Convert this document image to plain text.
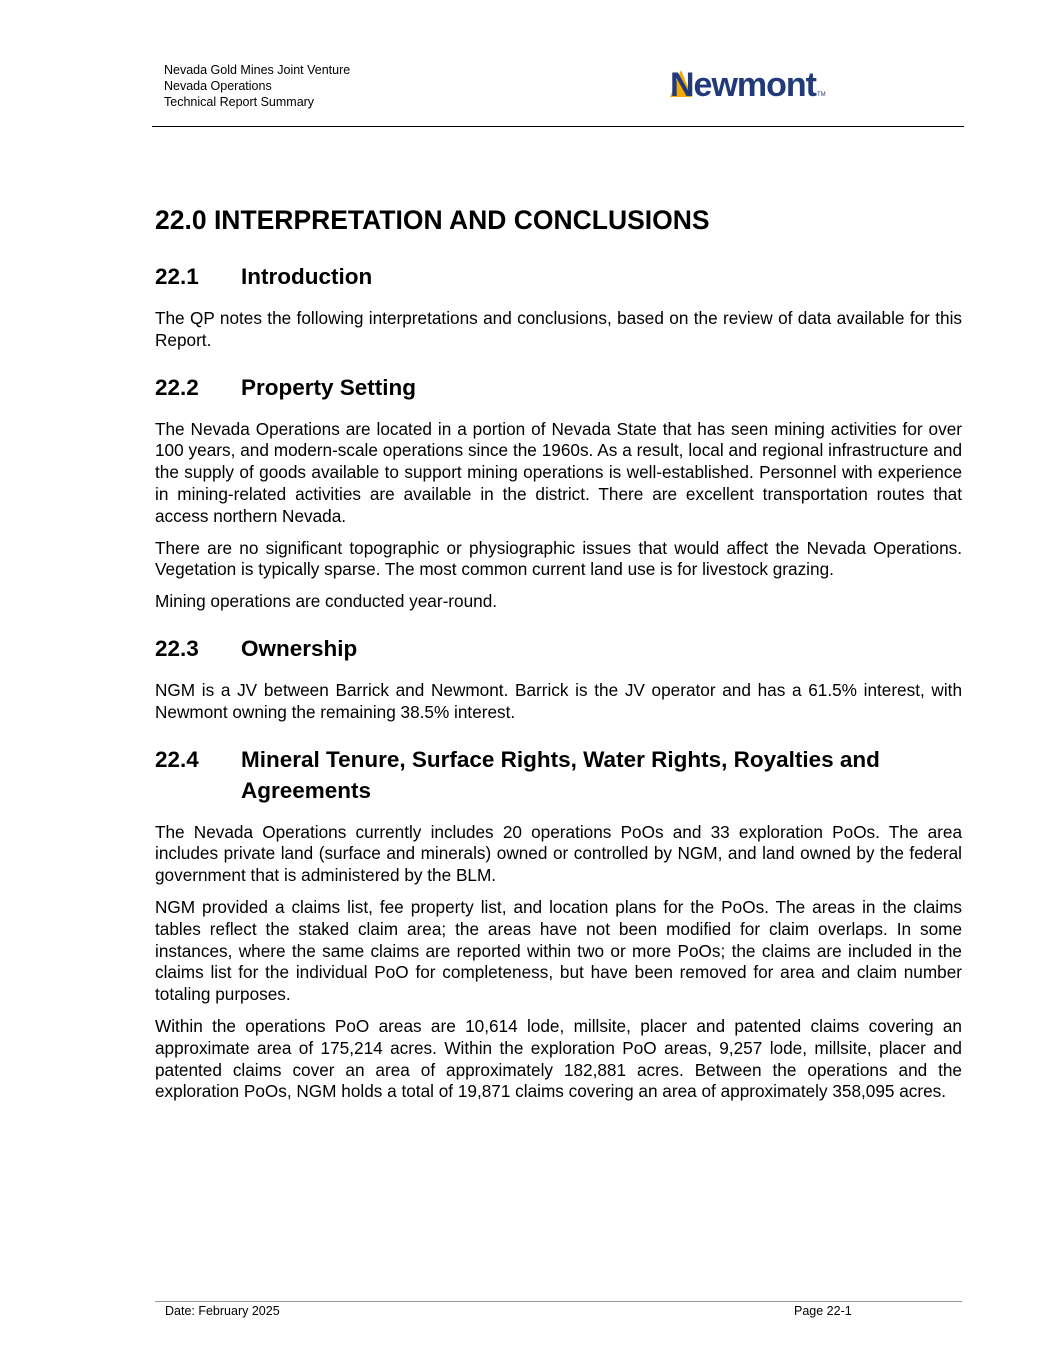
Nevada Gold Mines Joint Venture
Nevada Operations
Technical Report Summary	Newmont TM
22.0 INTERPRETATION AND CONCLUSIONS
22.1	Introduction

The QP notes the following interpretations and conclusions, based on the review of data available for this Report.

22.2	Property Setting

The Nevada Operations are located in a portion of Nevada State that has seen mining activities for over 100 years, and modern-scale operations since the 1960s. As a result, local and regional infrastructure and the supply of goods available to support mining operations is well-established. Personnel with experience in mining-related activities are available in the district. There are excellent transportation routes that access northern Nevada.

There are no significant topographic or physiographic issues that would affect the Nevada Operations. Vegetation is typically sparse. The most common current land use is for livestock grazing.

Mining operations are conducted year-round.

22.3	Ownership

NGM is a JV between Barrick and Newmont. Barrick is the JV operator and has a 61.5% interest, with Newmont owning the remaining 38.5% interest.

22.4	Mineral Tenure, Surface Rights, Water Rights, Royalties and Agreements

The Nevada Operations currently includes 20 operations PoOs and 33 exploration PoOs. The area includes private land (surface and minerals) owned or controlled by NGM, and land owned by the federal government that is administered by the BLM.

NGM provided a claims list, fee property list, and location plans for the PoOs. The areas in the claims tables reflect the staked claim area; the areas have not been modified for claim overlaps. In some instances, where the same claims are reported within two or more PoOs; the claims are included in the claims list for the individual PoO for completeness, but have been removed for area and claim number totaling purposes.

Within the operations PoO areas are 10,614 lode, millsite, placer and patented claims covering an approximate area of 175,214 acres. Within the exploration PoO areas, 9,257 lode, millsite, placer and patented claims cover an area of approximately 182,881 acres. Between the operations and the exploration PoOs, NGM holds a total of 19,871 claims covering an area of approximately 358,095 acres.

Date: February 2025	Page 22-1
